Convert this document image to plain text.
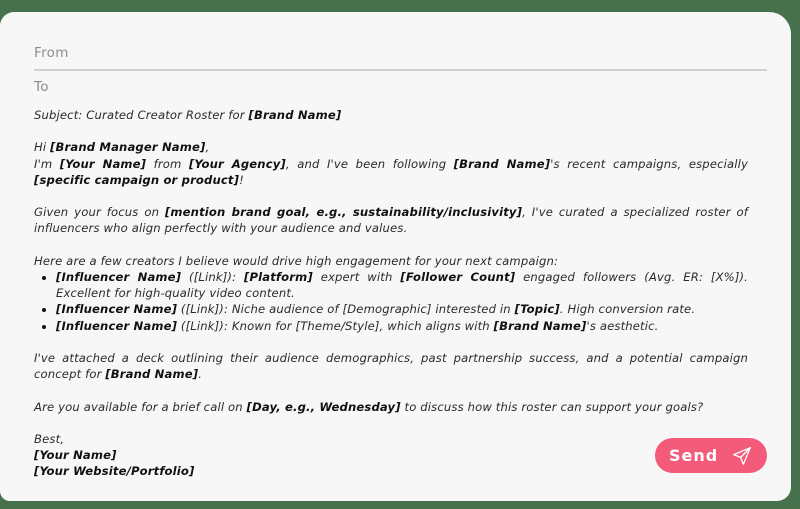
From
To

Subject: Curated Creator Roster for [Brand Name]

Hi [Brand Manager Name],

I'm [Your Name] from [Your Agency], and I've been following [Brand Name]'s recent campaigns, especially [specific campaign or product]!

Given your focus on [mention brand goal, e.g., sustainability/inclusivity], I've curated a specialized roster of influencers who align perfectly with your audience and values.

Here are a few creators I believe would drive high engagement for your next campaign:

[Influencer Name] ([Link]): [Platform] expert with [Follower Count] engaged followers (Avg. ER: [X%]). Excellent for high-quality video content.
[Influencer Name] ([Link]): Niche audience of [Demographic] interested in [Topic]. High conversion rate.
[Influencer Name] ([Link]): Known for [Theme/Style], which aligns with [Brand Name]'s aesthetic.

I've attached a deck outlining their audience demographics, past partnership success, and a potential campaign concept for [Brand Name].

Are you available for a brief call on [Day, e.g., Wednesday] to discuss how this roster can support your goals?

Best,

[Your Name]

[Your Website/Portfolio]

Send
